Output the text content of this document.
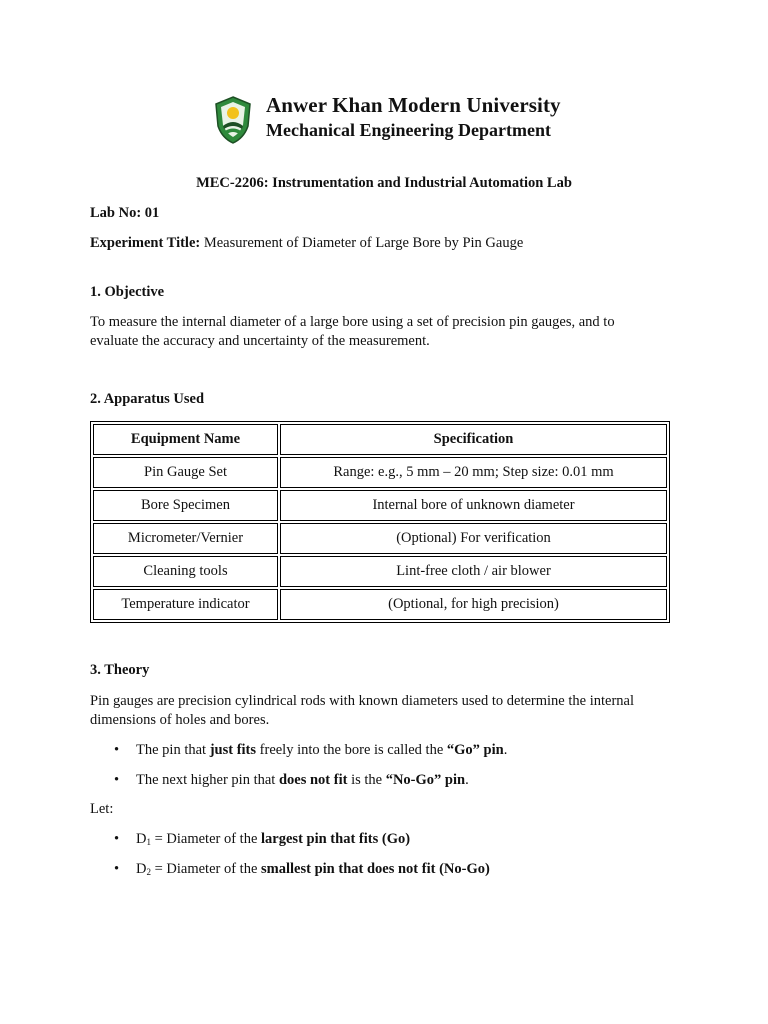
Anwer Khan Modern University
Mechanical Engineering Department
MEC-2206: Instrumentation and Industrial Automation Lab
Lab No: 01
Experiment Title: Measurement of Diameter of Large Bore by Pin Gauge
1. Objective
To measure the internal diameter of a large bore using a set of precision pin gauges, and to
evaluate the accuracy and uncertainty of the measurement.
2. Apparatus Used
Equipment Name	Specification
Pin Gauge Set	Range: e.g., 5 mm – 20 mm; Step size: 0.01 mm
Bore Specimen	Internal bore of unknown diameter
Micrometer/Vernier	(Optional) For verification
Cleaning tools	Lint-free cloth / air blower
Temperature indicator	(Optional, for high precision)
3. Theory
Pin gauges are precision cylindrical rods with known diameters used to determine the internal
dimensions of holes and bores.
• The pin that just fits freely into the bore is called the “Go” pin.
• The next higher pin that does not fit is the “No-Go” pin.
Let:
• $D_1$ = Diameter of the largest pin that fits (Go)
• $D_2$ = Diameter of the smallest pin that does not fit (No-Go)
